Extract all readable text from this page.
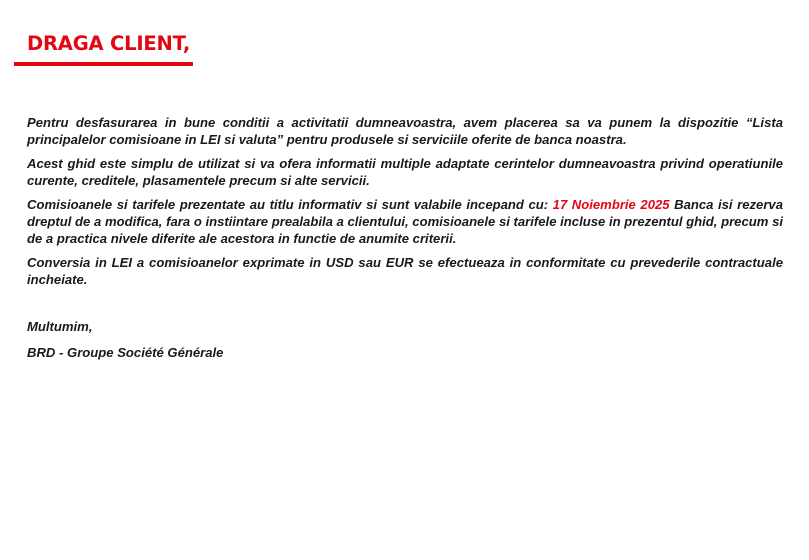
DRAGA CLIENT,

Pentru desfasurarea in bune conditii a activitatii dumneavoastra, avem placerea sa va punem la dispozitie “Lista principalelor comisioane in LEI si valuta” pentru produsele si serviciile oferite de banca noastra.

Acest ghid este simplu de utilizat si va ofera informatii multiple adaptate cerintelor dumneavoastra privind operatiunile curente, creditele, plasamentele precum si alte servicii.

Comisioanele si tarifele prezentate au titlu informativ si sunt valabile incepand cu: 17 Noiembrie 2025 Banca isi rezerva dreptul de a modifica, fara o instiintare prealabila a clientului, comisioanele si tarifele incluse in prezentul ghid, precum si de a practica nivele diferite ale acestora in functie de anumite criterii.

Conversia in LEI a comisioanelor exprimate in USD sau EUR se efectueaza in conformitate cu prevederile contractuale incheiate.

Multumim,
BRD - Groupe Société Générale
